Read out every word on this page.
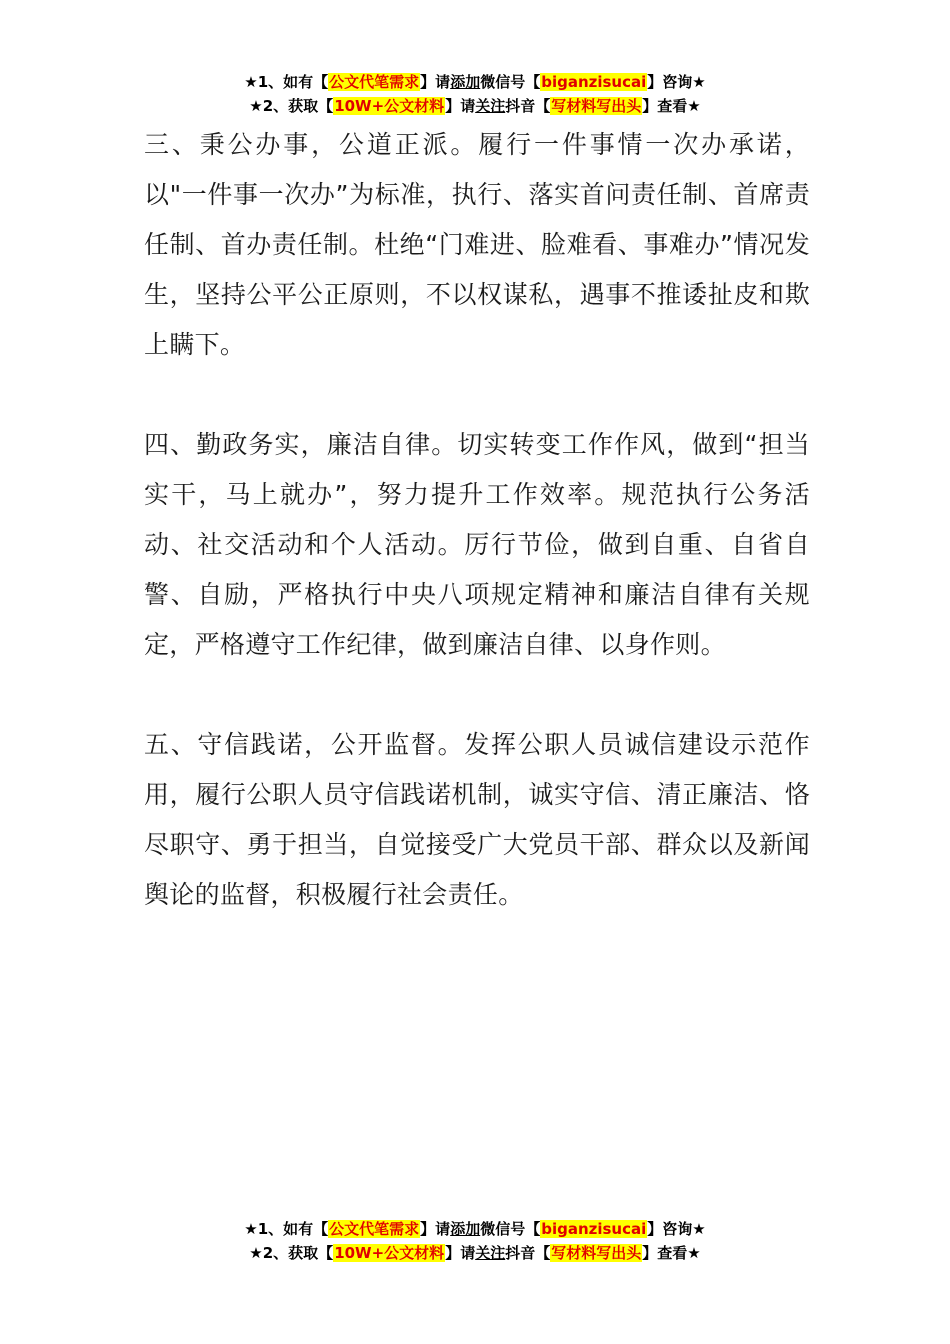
★1、如有【公文代笔需求】请添加微信号【biganzisucai】咨询★
★2、获取【10W+公文材料】请关注抖音【写材料写出头】查看★

三、秉公办事，公道正派。履行一件事情一次办承诺，以"一件事一次办”为标准，执行、落实首问责任制、首席责任制、首办责任制。杜绝“门难进、脸难看、事难办”情况发生，坚持公平公正原则，不以权谋私，遇事不推诿扯皮和欺上瞒下。

四、勤政务实，廉洁自律。切实转变工作作风，做到“担当实干，马上就办”，努力提升工作效率。规范执行公务活动、社交活动和个人活动。厉行节俭，做到自重、自省自警、自励，严格执行中央八项规定精神和廉洁自律有关规定，严格遵守工作纪律，做到廉洁自律、以身作则。

五、守信践诺，公开监督。发挥公职人员诚信建设示范作用，履行公职人员守信践诺机制，诚实守信、清正廉洁、恪尽职守、勇于担当，自觉接受广大党员干部、群众以及新闻舆论的监督，积极履行社会责任。

★1、如有【公文代笔需求】请添加微信号【biganzisucai】咨询★
★2、获取【10W+公文材料】请关注抖音【写材料写出头】查看★
